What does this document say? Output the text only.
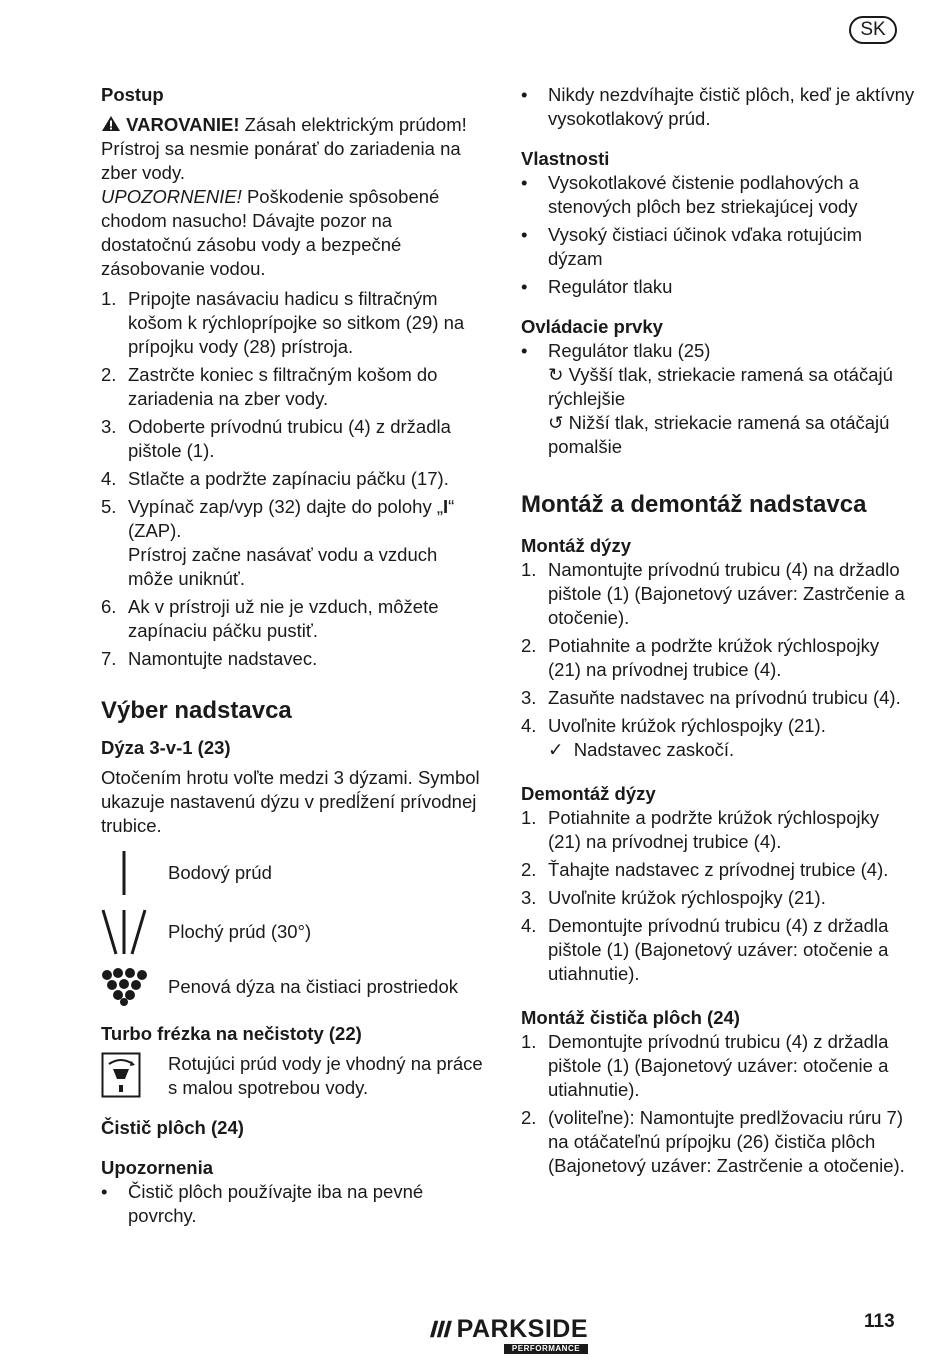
SK

Postup

VAROVANIE! Zásah elektrickým prúdom! Prístroj sa nesmie ponárať do zariadenia na zber vody.

UPOZORNENIE! Poškodenie spôsobené chodom nasucho! Dávajte pozor na dostatočnú zásobu vody a bezpečné zásobovanie vodou.

1. Pripojte nasávaciu hadicu s filtračným košom k rýchloprípojke so sitkom (29) na prípojku vody (28) prístroja.
2. Zastrčte koniec s filtračným košom do zariadenia na zber vody.
3. Odoberte prívodnú trubicu (4) z držadla pištole (1).
4. Stlačte a podržte zapínaciu páčku (17).
5. Vypínač zap/vyp (32) dajte do polohy „I“ (ZAP).
Prístroj začne nasávať vodu a vzduch môže uniknúť.
6. Ak v prístroji už nie je vzduch, môžete zapínaciu páčku pustiť.
7. Namontujte nadstavec.

Výber nadstavca

Dýza 3-v-1 (23)

Otočením hrotu voľte medzi 3 dýzami. Symbol ukazuje nastavenú dýzu v predĺžení prívodnej trubice.

Bodový prúd
Plochý prúd (30°)
Penová dýza na čistiaci prostriedok

Turbo frézka na nečistoty (22)

Rotujúci prúd vody je vhodný na práce s malou spotrebou vody.

Čistič plôch (24)

Upozornenia

• Čistič plôch používajte iba na pevné povrchy.
• Nikdy nezdvíhajte čistič plôch, keď je aktívny vysokotlakový prúd.

Vlastnosti

• Vysokotlakové čistenie podlahových a stenových plôch bez striekajúcej vody
• Vysoký čistiaci účinok vďaka rotujúcim dýzam
• Regulátor tlaku

Ovládacie prvky

• Regulátor tlaku (25)
↻ Vyšší tlak, striekacie ramená sa otáčajú rýchlejšie
↺ Nižší tlak, striekacie ramená sa otáčajú pomalšie

Montáž a demontáž nadstavca

Montáž dýzy

1. Namontujte prívodnú trubicu (4) na držadlo pištole (1) (Bajonetový uzáver: Zastrčenie a otočenie).
2. Potiahnite a podržte krúžok rýchlospojky (21) na prívodnej trubice (4).
3. Zasuňte nadstavec na prívodnú trubicu (4).
4. Uvoľnite krúžok rýchlospojky (21).
✓ Nadstavec zaskočí.

Demontáž dýzy

1. Potiahnite a podržte krúžok rýchlospojky (21) na prívodnej trubice (4).
2. Ťahajte nadstavec z prívodnej trubice (4).
3. Uvoľnite krúžok rýchlospojky (21).
4. Demontujte prívodnú trubicu (4) z držadla pištole (1) (Bajonetový uzáver: otočenie a utiahnutie).

Montáž čističa plôch (24)

1. Demontujte prívodnú trubicu (4) z držadla pištole (1) (Bajonetový uzáver: otočenie a utiahnutie).
2. (voliteľne): Namontujte predlžovaciu rúru 7) na otáčateľnú prípojku (26) čističa plôch (Bajonetový uzáver: Zastrčenie a otočenie).
PARKSIDE
PERFORMANCE
113
